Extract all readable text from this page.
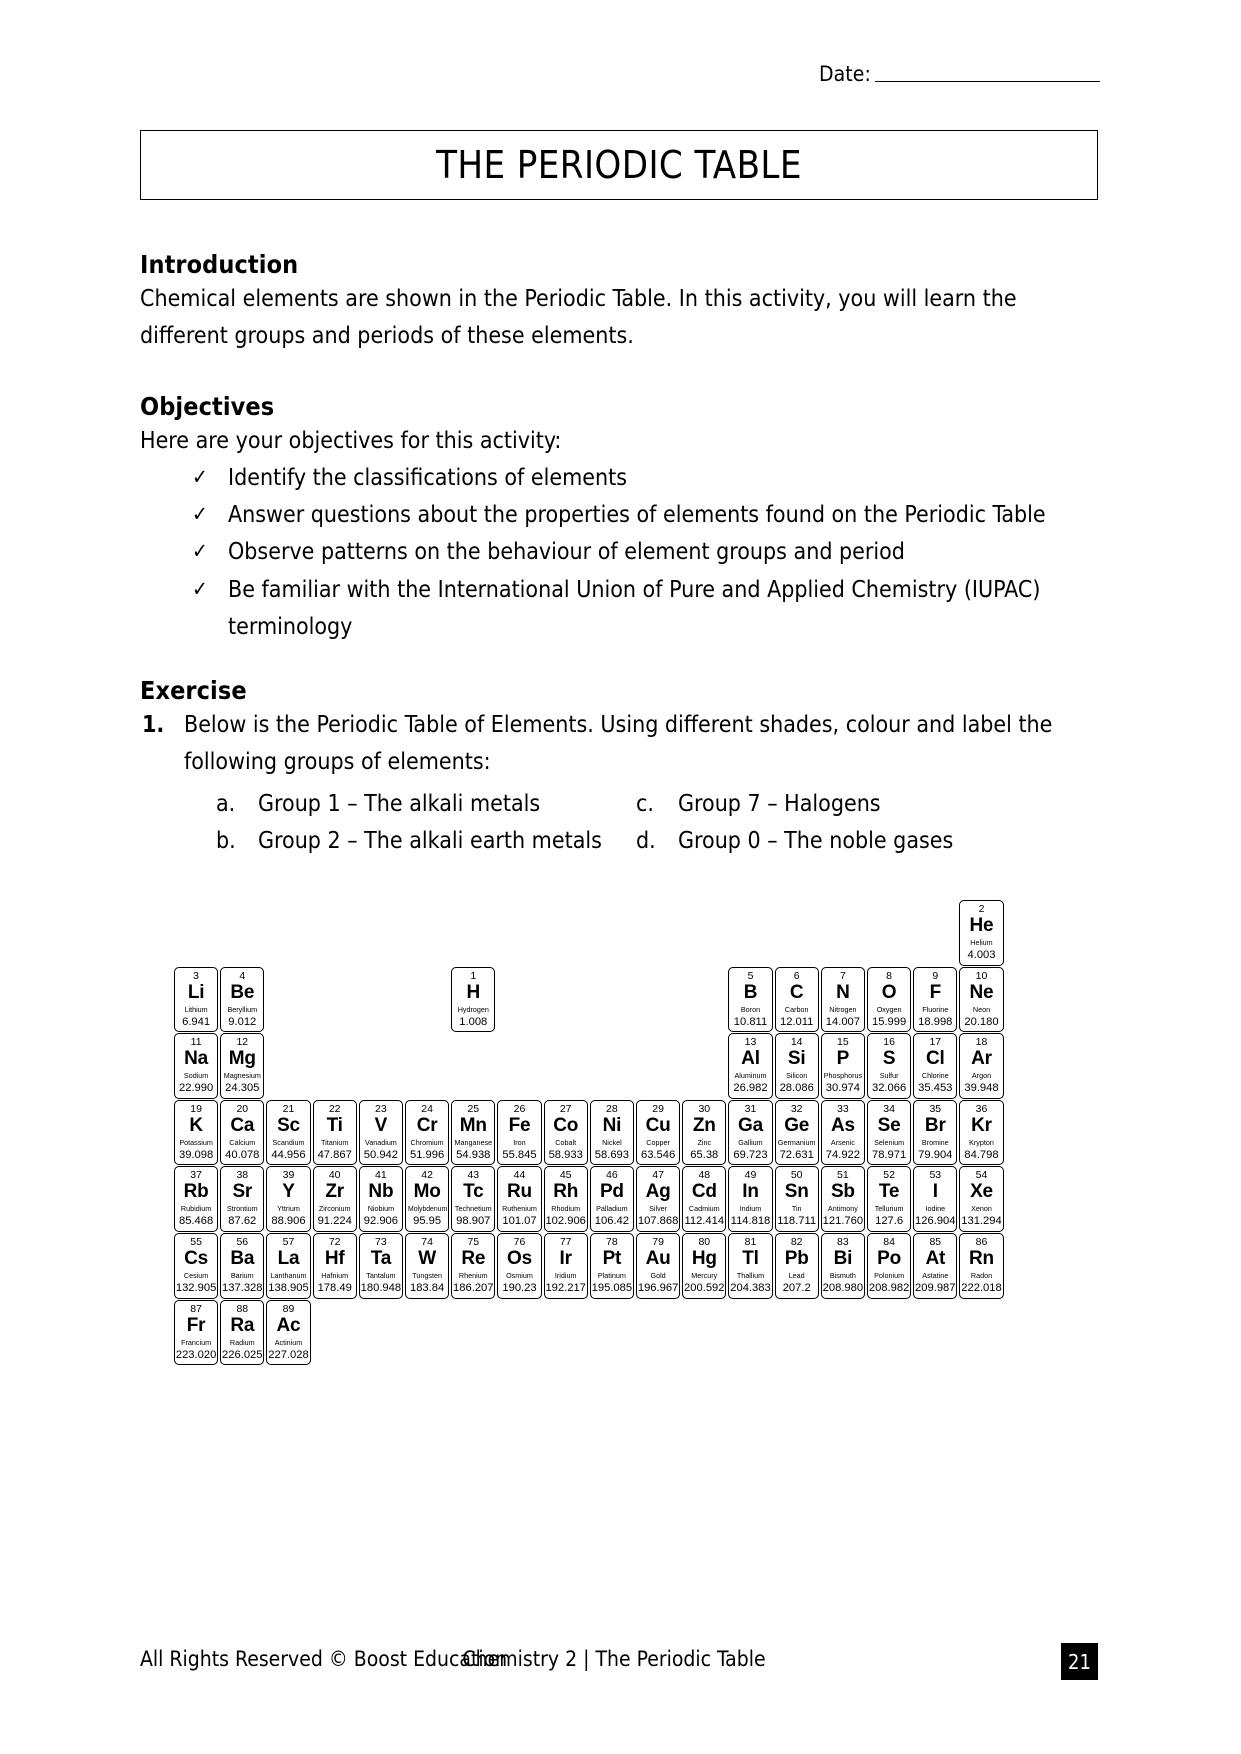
Date:
THE PERIODIC TABLE
Introduction

Chemical elements are shown in the Periodic Table. In this activity, you will learn the different groups and periods of these elements.

Objectives

Here are your objectives for this activity:

✓ Identify the classifications of elements
✓ Answer questions about the properties of elements found on the Periodic Table
✓ Observe patterns on the behaviour of element groups and period
✓ Be familiar with the International Union of Pure and Applied Chemistry (IUPAC) terminology
Exercise
1. Below is the Periodic Table of Elements. Using different shades, colour and label the following groups of elements:
a. Group 1 – The alkali metals
b. Group 2 – The alkali earth metals
c. Group 7 – Halogens
d. Group 0 – The noble gases
1
H
Hydrogen
1.008
2
He
Helium
4.003
3
Li
Lithium
6.941
4
Be
Beryllium
9.012
5
B
Boron
10.811
6
C
Carbon
12.011
7
N
Nitrogen
14.007
8
O
Oxygen
15.999
9
F
Fluorine
18.998
10
Ne
Neon
20.180
11
Na
Sodium
22.990
12
Mg
Magnesium
24.305
13
Al
Aluminum
26.982
14
Si
Silicon
28.086
15
P
Phosphorus
30.974
16
S
Sulfur
32.066
17
Cl
Chlorine
35.453
18
Ar
Argon
39.948
19
K
Potassium
39.098
20
Ca
Calcium
40.078
21
Sc
Scandium
44.956
22
Ti
Titanium
47.867
23
V
Vanadium
50.942
24
Cr
Chromium
51.996
25
Mn
Manganese
54.938
26
Fe
Iron
55.845
27
Co
Cobalt
58.933
28
Ni
Nickel
58.693
29
Cu
Copper
63.546
30
Zn
Zinc
65.38
31
Ga
Gallium
69.723
32
Ge
Germanium
72.631
33
As
Arsenic
74.922
34
Se
Selenium
78.971
35
Br
Bromine
79.904
36
Kr
Krypton
84.798
37
Rb
Rubidium
85.468
38
Sr
Strontium
87.62
39
Y
Yttrium
88.906
40
Zr
Zirconium
91.224
41
Nb
Niobium
92.906
42
Mo
Molybdenum
95.95
43
Tc
Technetium
98.907
44
Ru
Ruthenium
101.07
45
Rh
Rhodium
102.906
46
Pd
Palladium
106.42
47
Ag
Silver
107.868
48
Cd
Cadmium
112.414
49
In
Indium
114.818
50
Sn
Tin
118.711
51
Sb
Antimony
121.760
52
Te
Tellurium
127.6
53
I
Iodine
126.904
54
Xe
Xenon
131.294
55
Cs
Cesium
132.905
56
Ba
Barium
137.328
57
La
Lanthanum
138.905
72
Hf
Hafnium
178.49
73
Ta
Tantalum
180.948
74
W
Tungsten
183.84
75
Re
Rhenium
186.207
76
Os
Osmium
190.23
77
Ir
Iridium
192.217
78
Pt
Platinum
195.085
79
Au
Gold
196.967
80
Hg
Mercury
200.592
81
Tl
Thallium
204.383
82
Pb
Lead
207.2
83
Bi
Bismuth
208.980
84
Po
Polonium
208.982
85
At
Astatine
209.987
86
Rn
Radon
222.018
87
Fr
Francium
223.020
88
Ra
Radium
226.025
89
Ac
Actinium
227.028
All Rights Reserved © Boost Education
Chemistry 2 | The Periodic Table	21
